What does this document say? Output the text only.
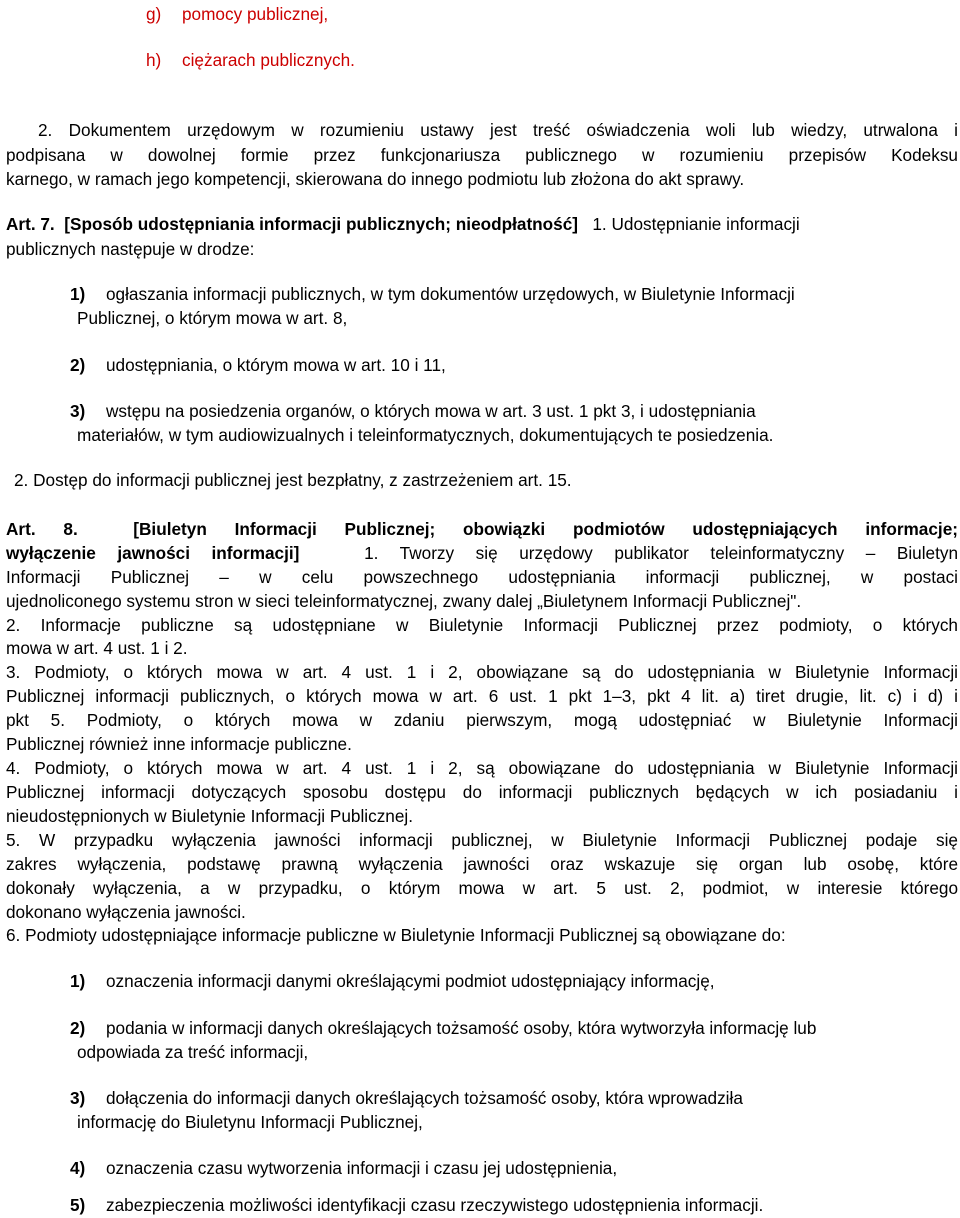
g) pomocy publicznej,
h) ciężarach publicznych.
2. Dokumentem urzędowym w rozumieniu ustawy jest treść oświadczenia woli lub wiedzy, utrwalona i
podpisana w dowolnej formie przez funkcjonariusza publicznego w rozumieniu przepisów Kodeksu
karnego, w ramach jego kompetencji, skierowana do innego podmiotu lub złożona do akt sprawy.
Art. 7. [Sposób udostępniania informacji publicznych; nieodpłatność] 1. Udostępnianie informacji
publicznych następuje w drodze:
1) ogłaszania informacji publicznych, w tym dokumentów urzędowych, w Biuletynie Informacji
Publicznej, o którym mowa w art. 8,
2) udostępniania, o którym mowa w art. 10 i 11,
3) wstępu na posiedzenia organów, o których mowa w art. 3 ust. 1 pkt 3, i udostępniania
materiałów, w tym audiowizualnych i teleinformatycznych, dokumentujących te posiedzenia.
2. Dostęp do informacji publicznej jest bezpłatny, z zastrzeżeniem art. 15.
Art. 8.	[Biuletyn Informacji Publicznej; obowiązki podmiotów udostępniających informacje;
wyłączenie jawności informacji]	1. Tworzy się urzędowy publikator teleinformatyczny – Biuletyn
Informacji Publicznej – w celu powszechnego udostępniania informacji publicznej, w postaci
ujednoliconego systemu stron w sieci teleinformatycznej, zwany dalej „Biuletynem Informacji Publicznej".
2. Informacje publiczne są udostępniane w Biuletynie Informacji Publicznej przez podmioty, o których
mowa w art. 4 ust. 1 i 2.
3. Podmioty, o których mowa w art. 4 ust. 1 i 2, obowiązane są do udostępniania w Biuletynie Informacji
Publicznej informacji publicznych, o których mowa w art. 6 ust. 1 pkt 1–3, pkt 4 lit. a) tiret drugie, lit. c) i d) i
pkt 5. Podmioty, o których mowa w zdaniu pierwszym, mogą udostępniać w Biuletynie Informacji
Publicznej również inne informacje publiczne.
4. Podmioty, o których mowa w art. 4 ust. 1 i 2, są obowiązane do udostępniania w Biuletynie Informacji
Publicznej informacji dotyczących sposobu dostępu do informacji publicznych będących w ich posiadaniu i
nieudostępnionych w Biuletynie Informacji Publicznej.
5. W przypadku wyłączenia jawności informacji publicznej, w Biuletynie Informacji Publicznej podaje się
zakres wyłączenia, podstawę prawną wyłączenia jawności oraz wskazuje się organ lub osobę, które
dokonały wyłączenia, a w przypadku, o którym mowa w art. 5 ust. 2, podmiot, w interesie którego
dokonano wyłączenia jawności.
6. Podmioty udostępniające informacje publiczne w Biuletynie Informacji Publicznej są obowiązane do:
1) oznaczenia informacji danymi określającymi podmiot udostępniający informację,
2) podania w informacji danych określających tożsamość osoby, która wytworzyła informację lub
odpowiada za treść informacji,
3) dołączenia do informacji danych określających tożsamość osoby, która wprowadziła
informację do Biuletynu Informacji Publicznej,
4) oznaczenia czasu wytworzenia informacji i czasu jej udostępnienia,
5) zabezpieczenia możliwości identyfikacji czasu rzeczywistego udostępnienia informacji.
